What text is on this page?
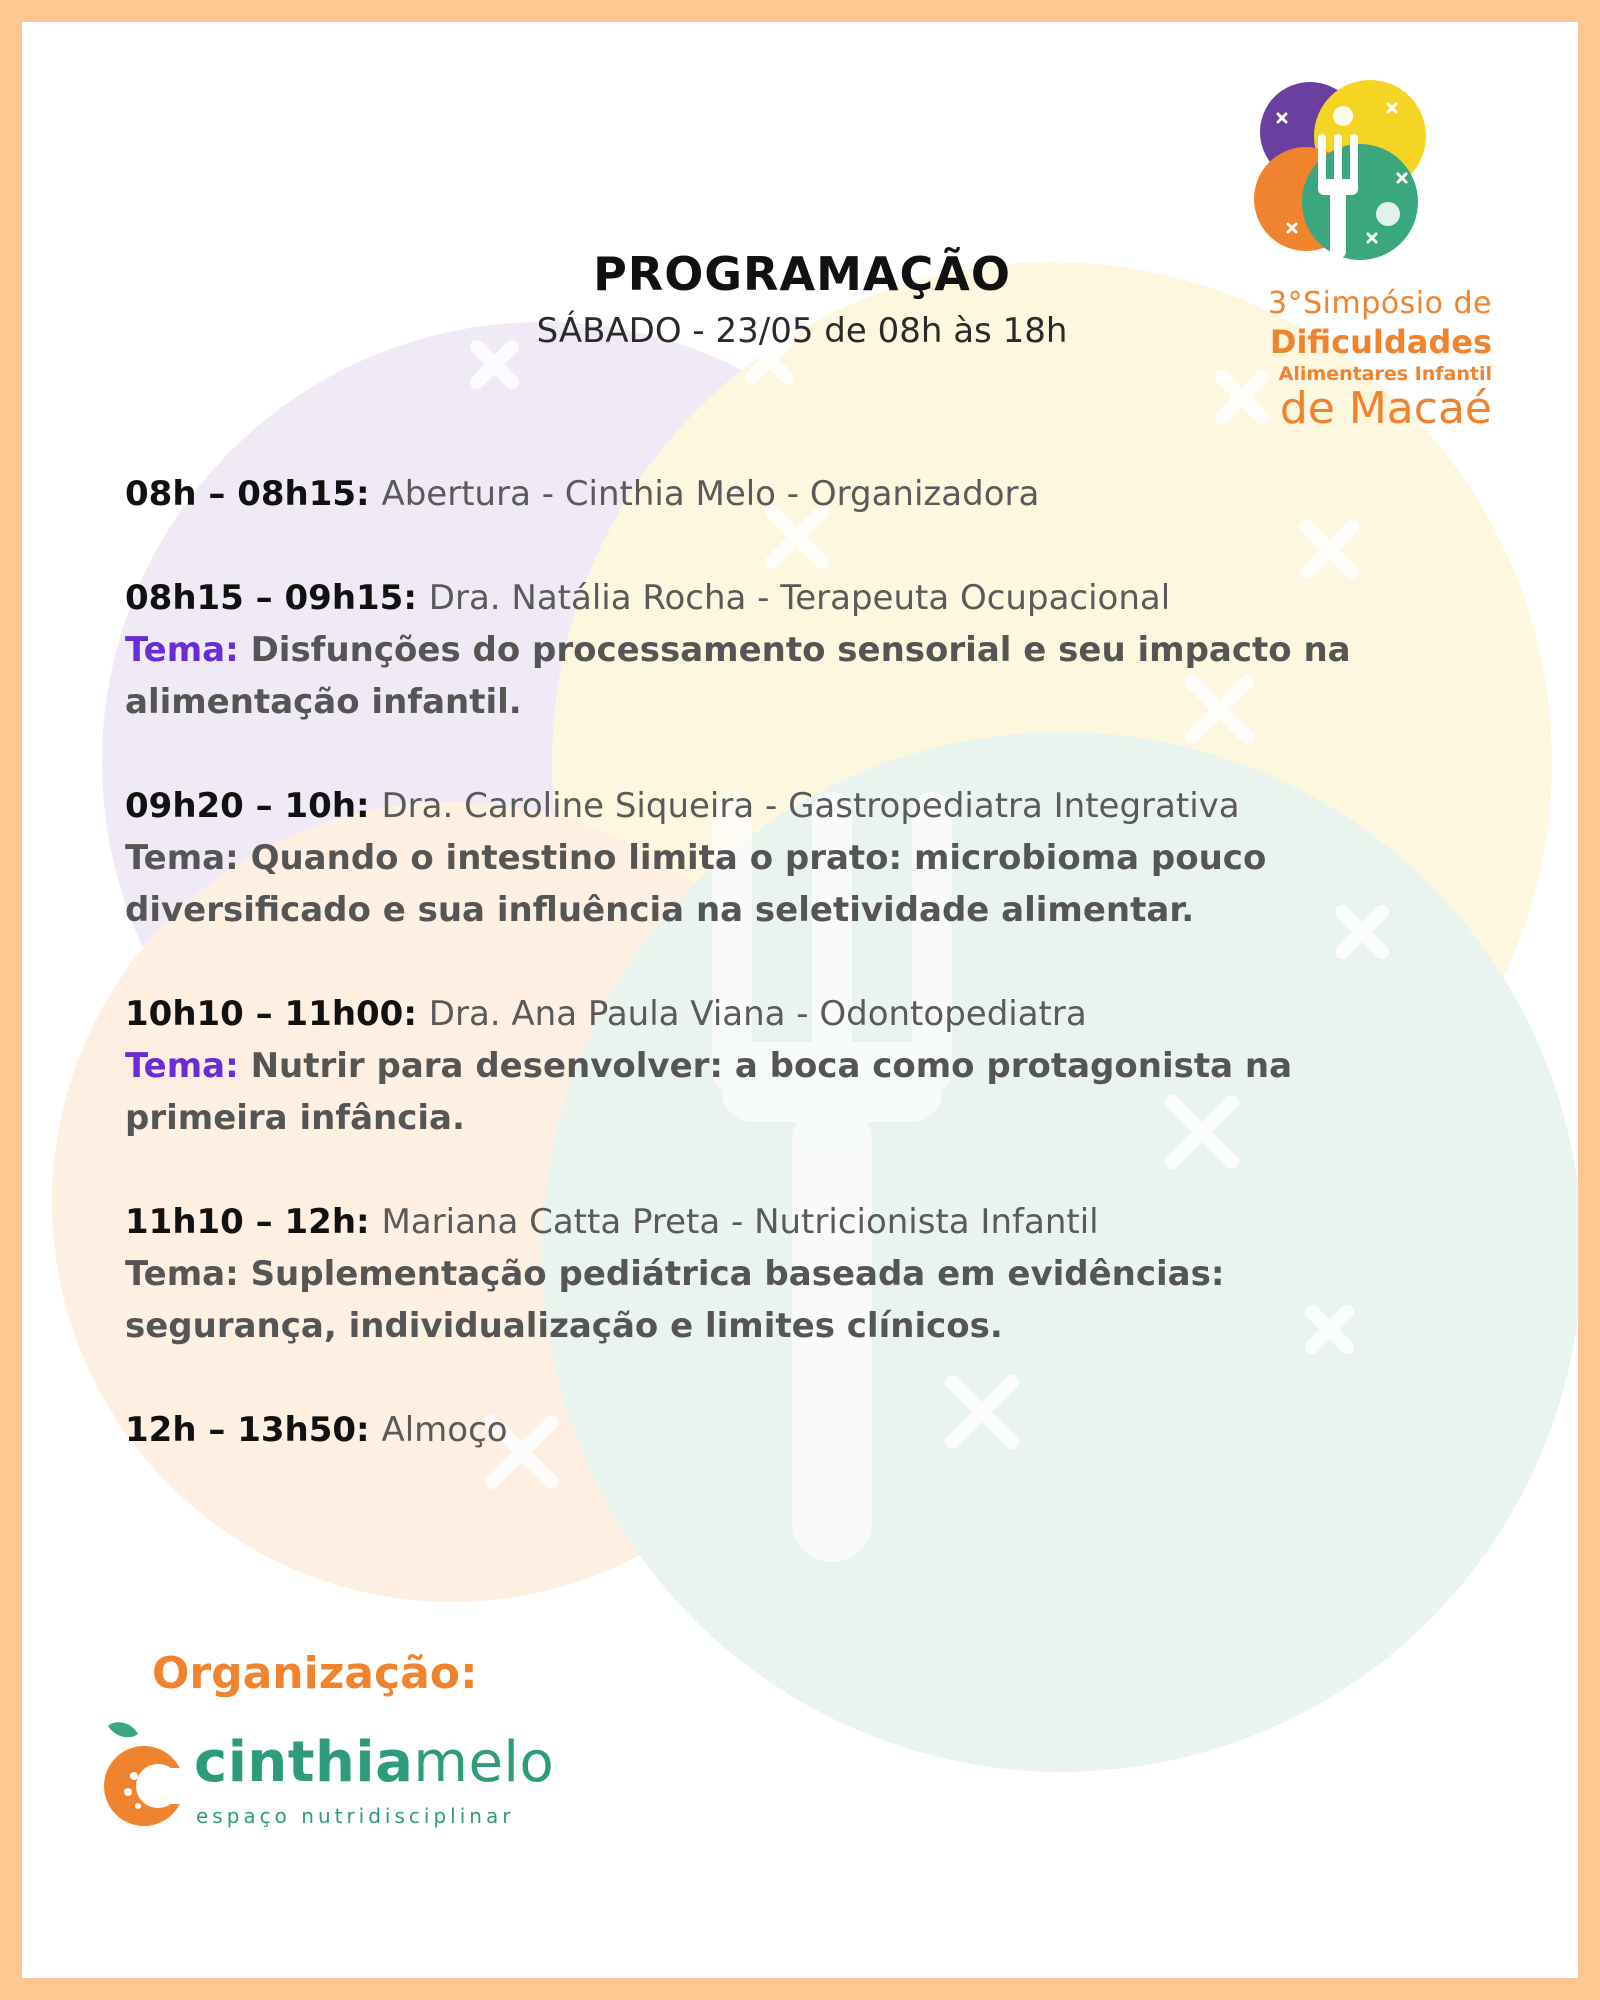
3°Simpósio de
Dificuldades
Alimentares Infantil
de Macaé
PROGRAMAÇÃO
SÁBADO - 23/05 de 08h às 18h
08h – 08h15: Abertura - Cinthia Melo - Organizadora
08h15 – 09h15: Dra. Natália Rocha - Terapeuta Ocupacional
Tema: Disfunções do processamento sensorial e seu impacto na alimentação infantil.
09h20 – 10h: Dra. Caroline Siqueira - Gastropediatra Integrativa
Tema: Quando o intestino limita o prato: microbioma pouco diversificado e sua influência na seletividade alimentar.
10h10 – 11h00: Dra. Ana Paula Viana - Odontopediatra
Tema: Nutrir para desenvolver: a boca como protagonista na primeira infância.
11h10 – 12h: Mariana Catta Preta - Nutricionista Infantil
Tema: Suplementação pediátrica baseada em evidências: segurança, individualização e limites clínicos.
12h – 13h50: Almoço
Organização:
cinthiamelo
espaço nutridisciplinar
